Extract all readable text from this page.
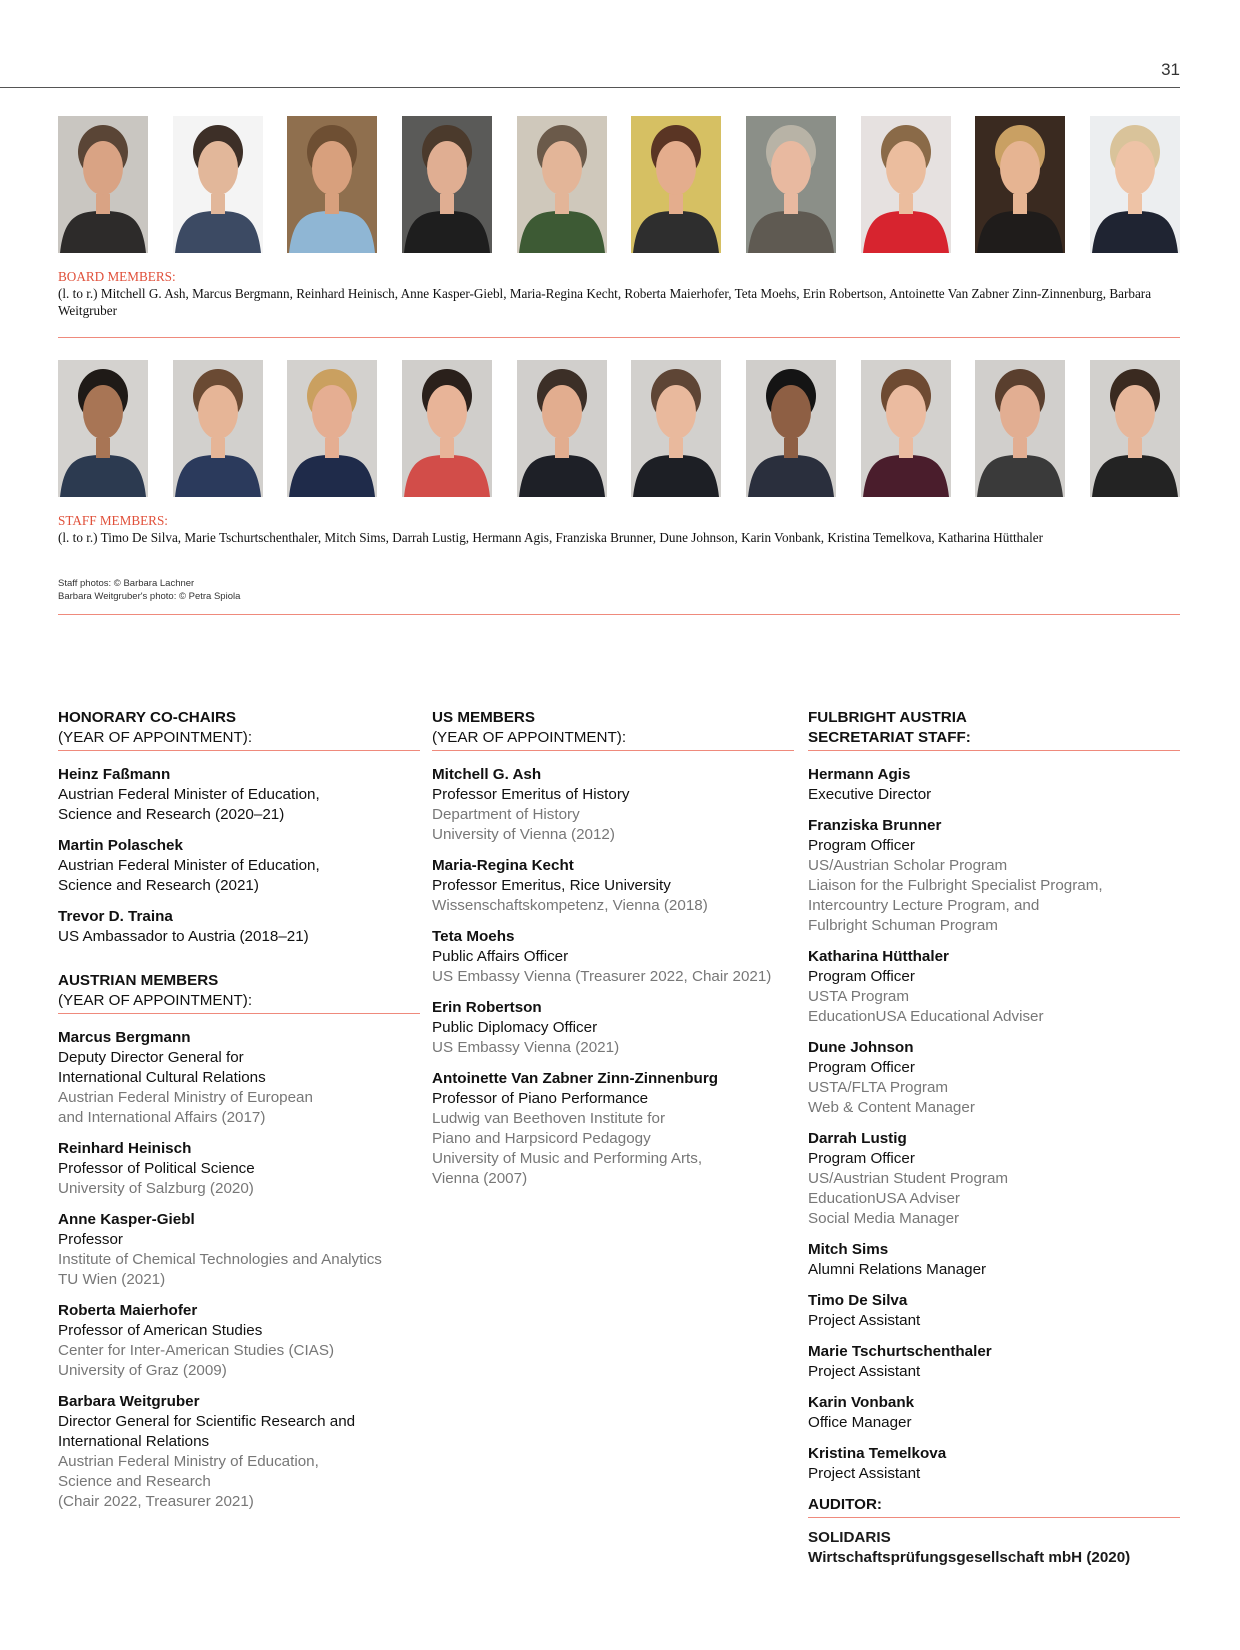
31
BOARD MEMBERS:
(l. to r.) Mitchell G. Ash, Marcus Bergmann, Reinhard Heinisch, Anne Kasper-Giebl, Maria-Regina Kecht, Roberta Maierhofer, Teta Moehs, Erin Robertson, Antoinette Van Zabner Zinn-Zinnenburg, Barbara Weitgruber
STAFF MEMBERS:
(l. to r.) Timo De Silva, Marie Tschurtschenthaler, Mitch Sims, Darrah Lustig, Hermann Agis, Franziska Brunner, Dune Johnson, Karin Vonbank, Kristina Temelkova, Katharina Hütthaler
Staff photos: © Barbara Lachner
Barbara Weitgruber's photo: © Petra Spiola
HONORARY CO-CHAIRS
(YEAR OF APPOINTMENT):
Heinz Faßmann
Austrian Federal Minister of Education,
Science and Research (2020–21)
Martin Polaschek
Austrian Federal Minister of Education,
Science and Research (2021)
Trevor D. Traina
US Ambassador to Austria (2018–21)
AUSTRIAN MEMBERS
(YEAR OF APPOINTMENT):
Marcus Bergmann
Deputy Director General for
International Cultural Relations
Austrian Federal Ministry of European
and International Affairs (2017)
Reinhard Heinisch
Professor of Political Science
University of Salzburg (2020)
Anne Kasper-Giebl
Professor
Institute of Chemical Technologies and Analytics
TU Wien (2021)
Roberta Maierhofer
Professor of American Studies
Center for Inter-American Studies (CIAS)
University of Graz (2009)
Barbara Weitgruber
Director General for Scientific Research and
International Relations
Austrian Federal Ministry of Education,
Science and Research
(Chair 2022, Treasurer 2021)
US MEMBERS
(YEAR OF APPOINTMENT):
Mitchell G. Ash
Professor Emeritus of History
Department of History
University of Vienna (2012)
Maria-Regina Kecht
Professor Emeritus, Rice University
Wissenschaftskompetenz, Vienna (2018)
Teta Moehs
Public Affairs Officer
US Embassy Vienna (Treasurer 2022, Chair 2021)
Erin Robertson
Public Diplomacy Officer
US Embassy Vienna (2021)
Antoinette Van Zabner Zinn-Zinnenburg
Professor of Piano Performance
Ludwig van Beethoven Institute for
Piano and Harpsicord Pedagogy
University of Music and Performing Arts,
Vienna (2007)
FULBRIGHT AUSTRIA
SECRETARIAT STAFF:
Hermann Agis
Executive Director
Franziska Brunner
Program Officer
US/Austrian Scholar Program
Liaison for the Fulbright Specialist Program,
Intercountry Lecture Program, and
Fulbright Schuman Program
Katharina Hütthaler
Program Officer
USTA Program
EducationUSA Educational Adviser
Dune Johnson
Program Officer
USTA/FLTA Program
Web & Content Manager
Darrah Lustig
Program Officer
US/Austrian Student Program
EducationUSA Adviser
Social Media Manager
Mitch Sims
Alumni Relations Manager
Timo De Silva
Project Assistant
Marie Tschurtschenthaler
Project Assistant
Karin Vonbank
Office Manager
Kristina Temelkova
Project Assistant
AUDITOR:
SOLIDARIS
Wirtschaftsprüfungsgesellschaft mbH (2020)
